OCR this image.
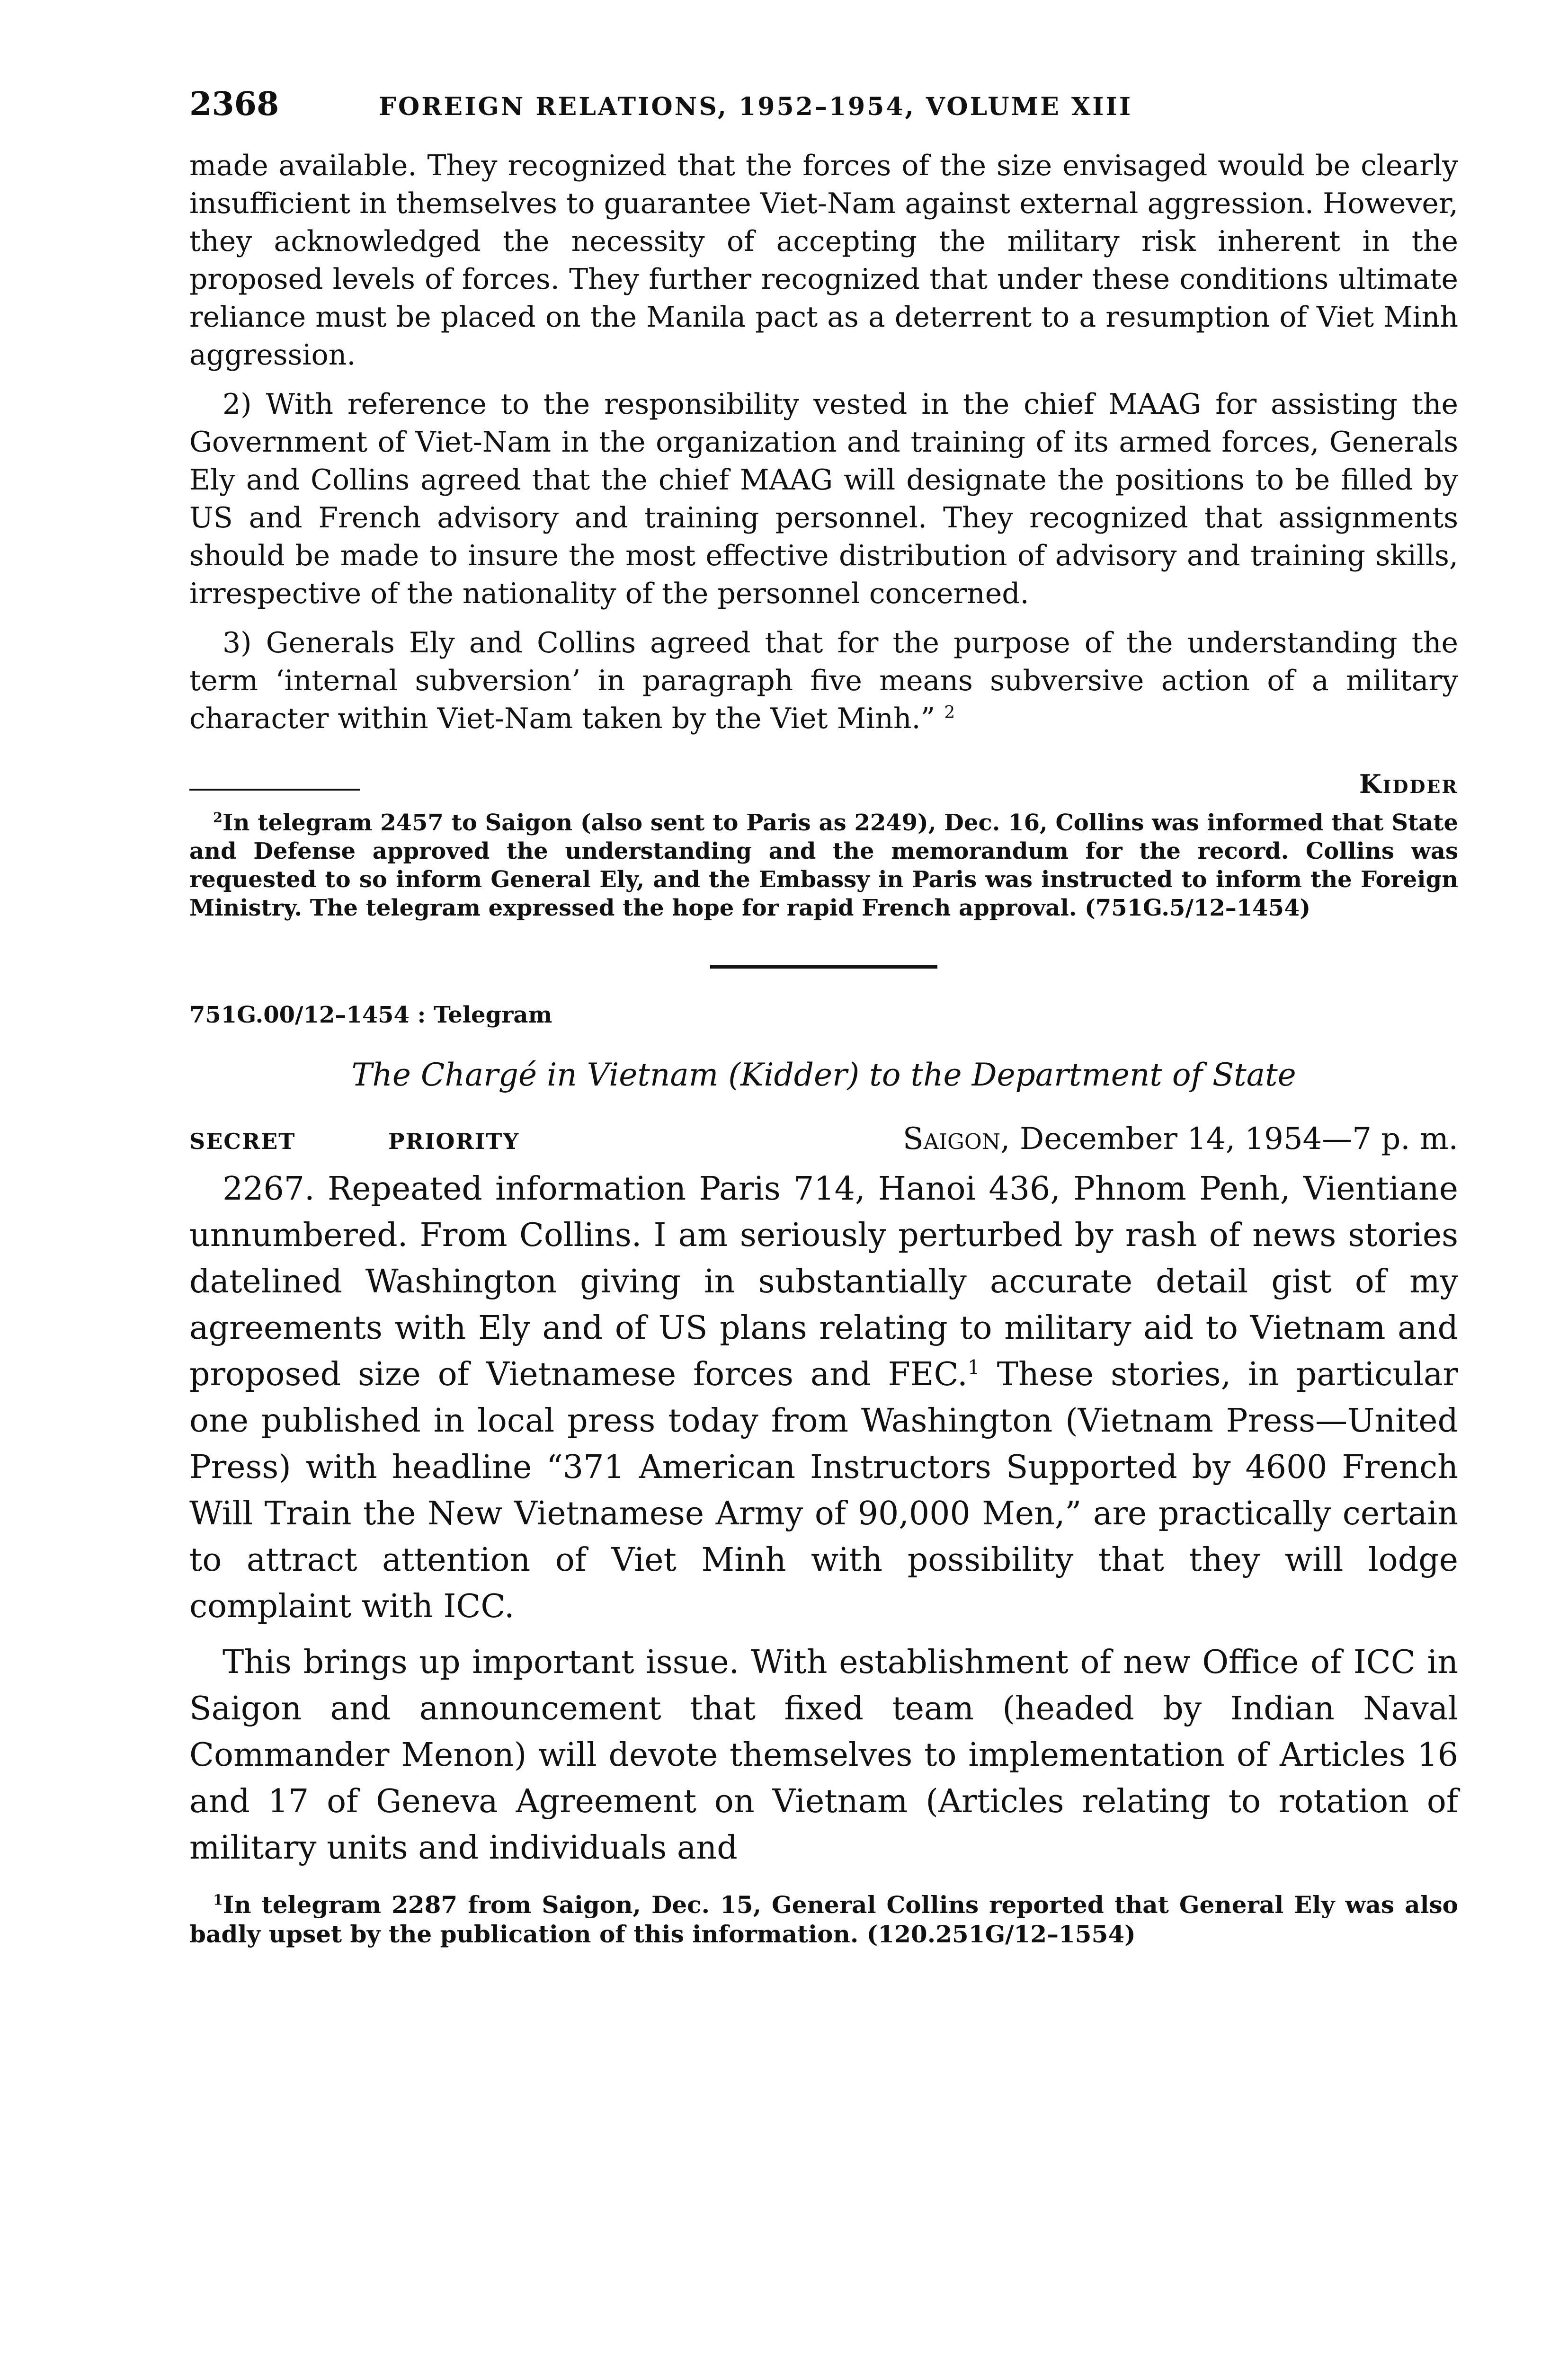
2368	FOREIGN RELATIONS, 1952–1954, VOLUME XIII

made available. They recognized that the forces of the size envisaged would be clearly insufficient in themselves to guarantee Viet-Nam against external aggression. However, they acknowledged the necessity of accepting the military risk inherent in the proposed levels of forces. They further recognized that under these conditions ultimate reliance must be placed on the Manila pact as a deterrent to a resumption of Viet Minh aggression.

2) With reference to the responsibility vested in the chief MAAG for assisting the Government of Viet-Nam in the organization and training of its armed forces, Generals Ely and Collins agreed that the chief MAAG will designate the positions to be filled by US and French advisory and training personnel. They recognized that assignments should be made to insure the most effective distribution of advisory and training skills, irrespective of the nationality of the personnel concerned.

3) Generals Ely and Collins agreed that for the purpose of the understanding the term ‘internal subversion’ in paragraph five means subversive action of a military character within Viet-Nam taken by the Viet Minh.” $^2$

Kidder

$^2$In telegram 2457 to Saigon (also sent to Paris as 2249), Dec. 16, Collins was informed that State and Defense approved the understanding and the memorandum for the record. Collins was requested to so inform General Ely, and the Embassy in Paris was instructed to inform the Foreign Ministry. The telegram expressed the hope for rapid French approval. (751G.5/12–1454)

751G.00/12–1454 : Telegram

The Chargé in Vietnam (Kidder) to the Department of State

SECRET	PRIORITY	Saigon, December 14, 1954—7 p. m.

2267. Repeated information Paris 714, Hanoi 436, Phnom Penh, Vientiane unnumbered. From Collins. I am seriously perturbed by rash of news stories datelined Washington giving in substantially accurate detail gist of my agreements with Ely and of US plans relating to military aid to Vietnam and proposed size of Vietnamese forces and FEC.$^1$ These stories, in particular one published in local press today from Washington (Vietnam Press—United Press) with headline “371 American Instructors Supported by 4600 French Will Train the New Vietnamese Army of 90,000 Men,” are practically certain to attract attention of Viet Minh with possibility that they will lodge complaint with ICC.

This brings up important issue. With establishment of new Office of ICC in Saigon and announcement that fixed team (headed by Indian Naval Commander Menon) will devote themselves to implementation of Articles 16 and 17 of Geneva Agreement on Vietnam (Articles relating to rotation of military units and individuals and

$^1$In telegram 2287 from Saigon, Dec. 15, General Collins reported that General Ely was also badly upset by the publication of this information. (120.251G/12–1554)
